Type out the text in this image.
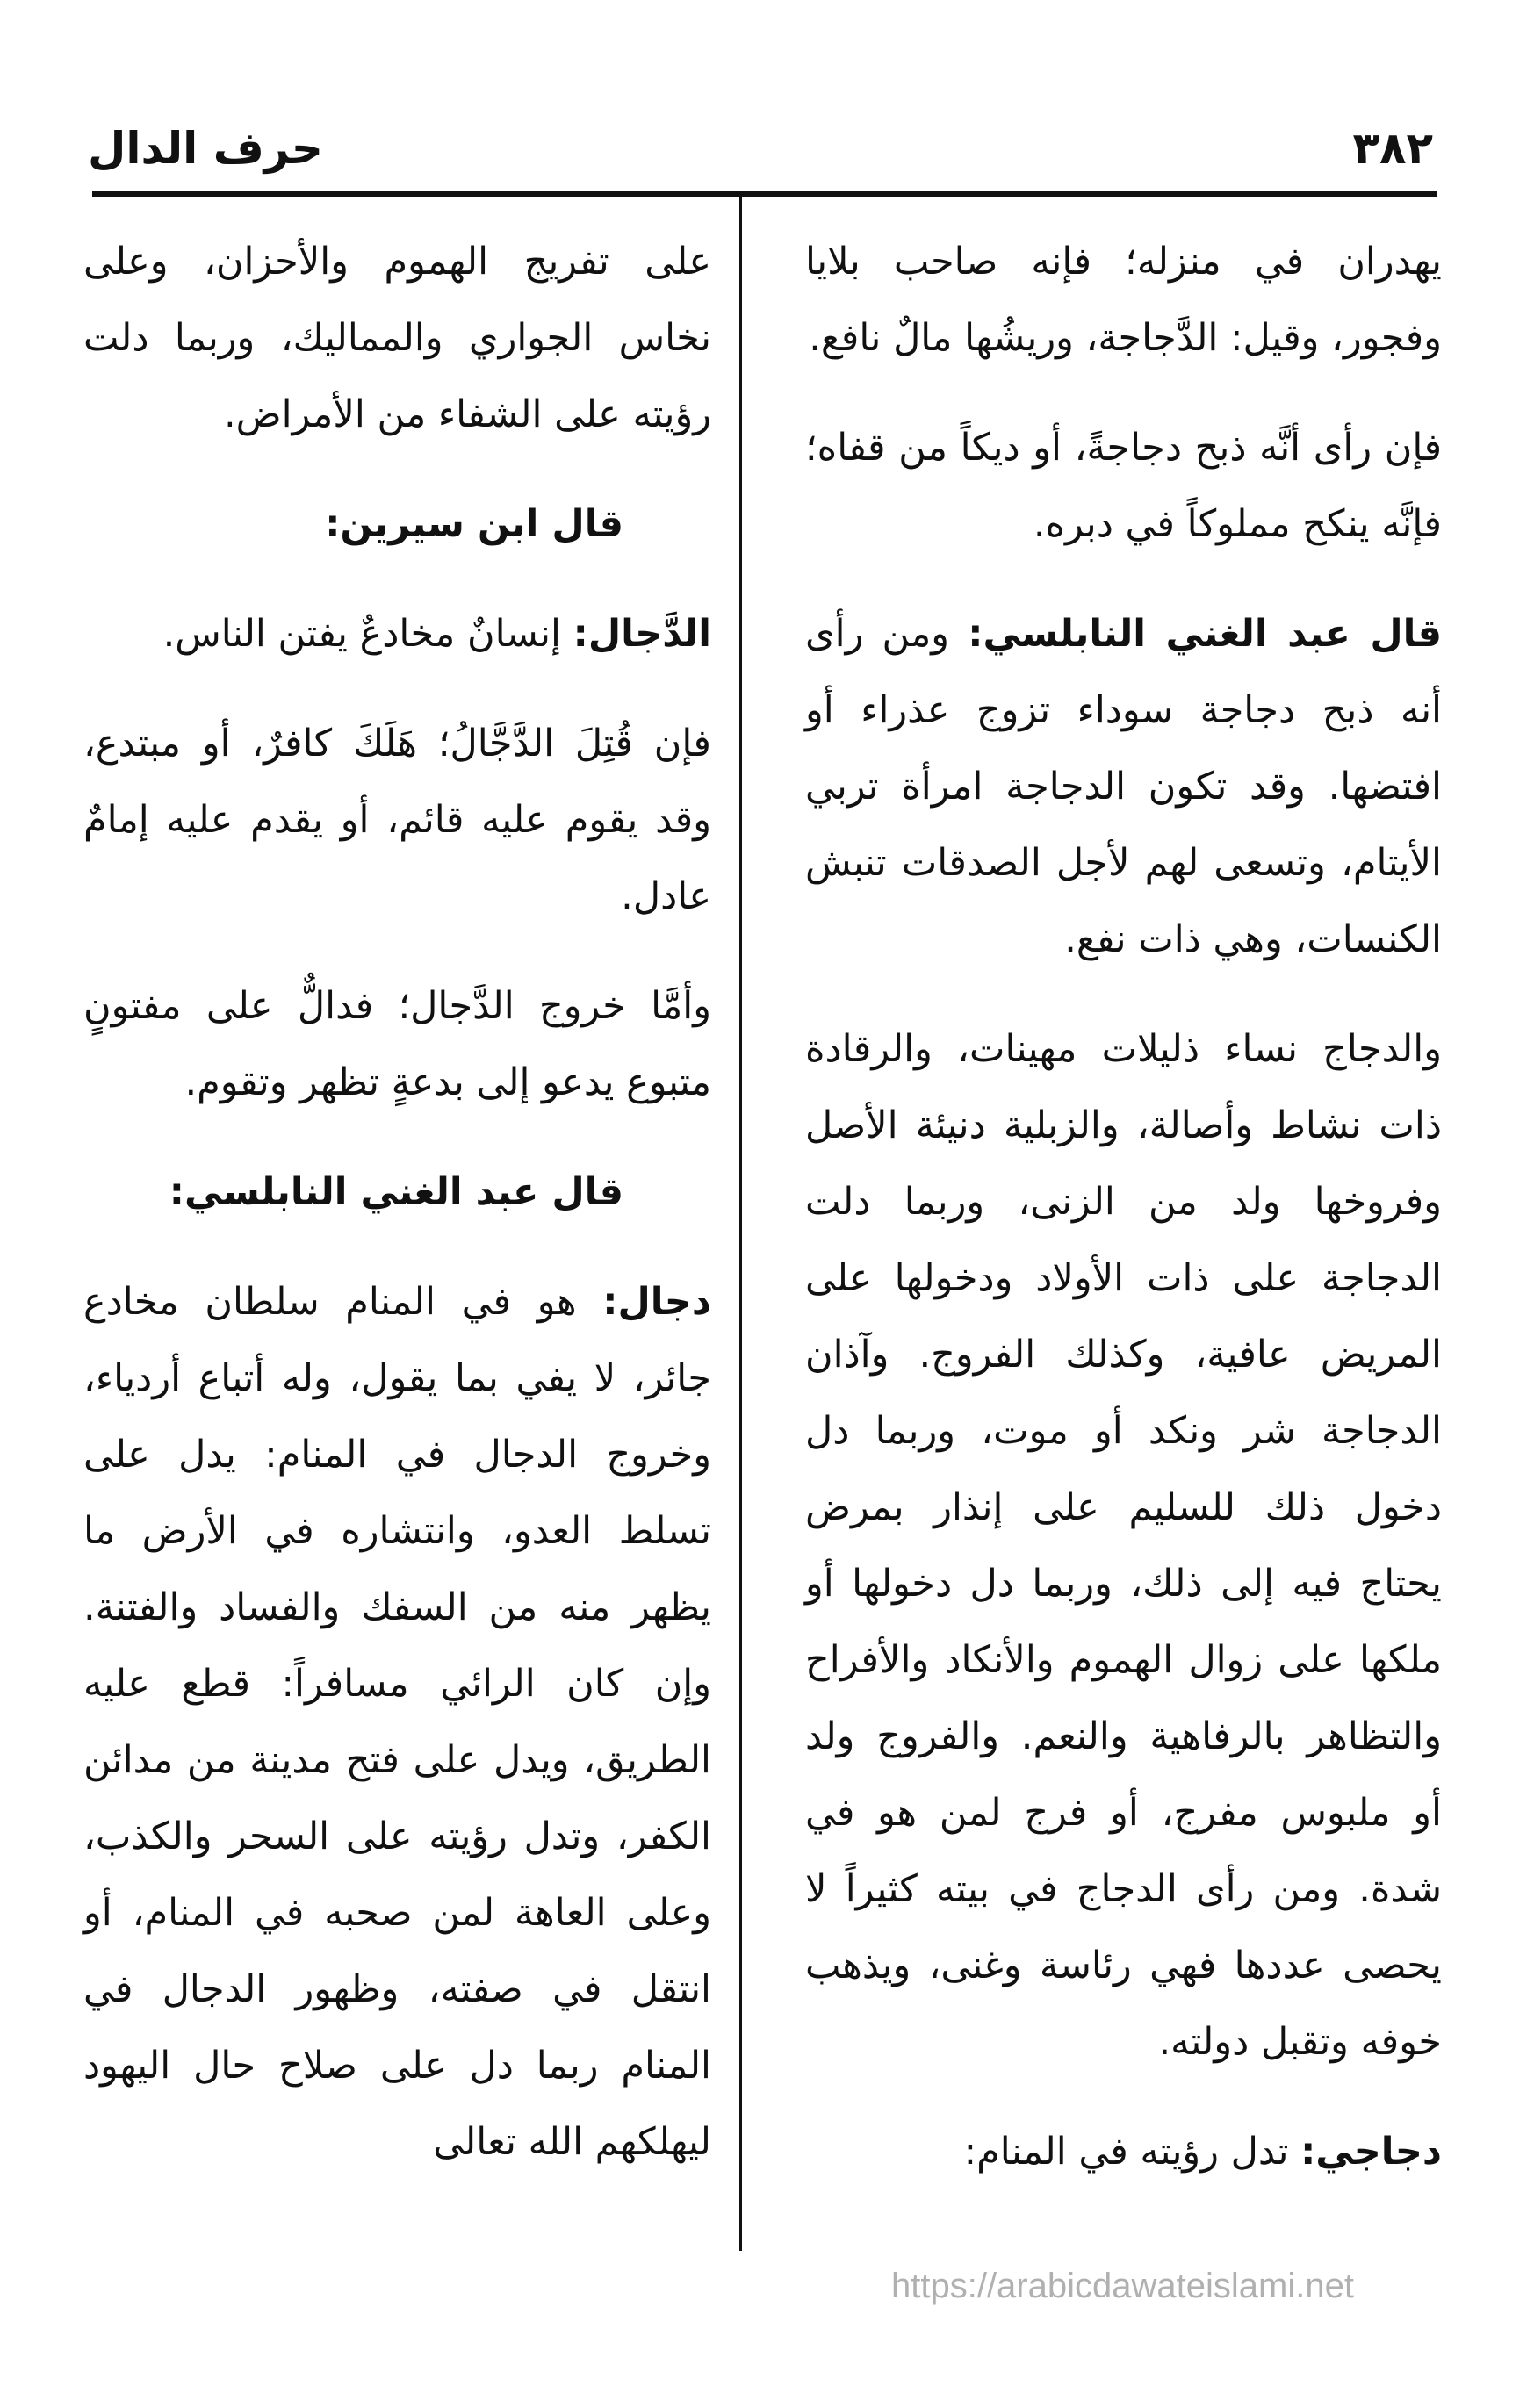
٣٨٢
حرف الدال

يهدران في منزله؛ فإنه صاحب بلايا وفجور، وقيل: الدَّجاجة، وريشُها مالٌ نافع.

فإن رأى أنَّه ذبح دجاجةً، أو ديكاً من قفاه؛ فإنَّه ينكح مملوكاً في دبره.

قال عبد الغني النابلسي: ومن رأى أنه ذبح دجاجة سوداء تزوج عذراء أو افتضها. وقد تكون الدجاجة امرأة تربي الأيتام، وتسعى لهم لأجل الصدقات تنبش الكنسات، وهي ذات نفع.

والدجاج نساء ذليلات مهينات، والرقادة ذات نشاط وأصالة، والزبلية دنيئة الأصل وفروخها ولد من الزنى، وربما دلت الدجاجة على ذات الأولاد ودخولها على المريض عافية، وكذلك الفروج. وآذان الدجاجة شر ونكد أو موت، وربما دل دخول ذلك للسليم على إنذار بمرض يحتاج فيه إلى ذلك، وربما دل دخولها أو ملكها على زوال الهموم والأنكاد والأفراح والتظاهر بالرفاهية والنعم. والفروج ولد أو ملبوس مفرج، أو فرج لمن هو في شدة. ومن رأى الدجاج في بيته كثيراً لا يحصى عددها فهي رئاسة وغنى، ويذهب خوفه وتقبل دولته.

دجاجي: تدل رؤيته في المنام:

على تفريج الهموم والأحزان، وعلى نخاس الجواري والمماليك، وربما دلت رؤيته على الشفاء من الأمراض.

قال ابن سيرين:

الدَّجال: إنسانٌ مخادعٌ يفتن الناس.

فإن قُتِلَ الدَّجَّالُ؛ هَلَكَ كافرٌ، أو مبتدع، وقد يقوم عليه قائم، أو يقدم عليه إمامٌ عادل.

وأمَّا خروج الدَّجال؛ فدالٌّ على مفتونٍ متبوع يدعو إلى بدعةٍ تظهر وتقوم.

قال عبد الغني النابلسي:

دجال: هو في المنام سلطان مخادع جائر، لا يفي بما يقول، وله أتباع أردياء، وخروج الدجال في المنام: يدل على تسلط العدو، وانتشاره في الأرض ما يظهر منه من السفك والفساد والفتنة. وإن كان الرائي مسافراً: قطع عليه الطريق، ويدل على فتح مدينة من مدائن الكفر، وتدل رؤيته على السحر والكذب، وعلى العاهة لمن صحبه في المنام، أو انتقل في صفته، وظهور الدجال في المنام ربما دل على صلاح حال اليهود ليهلكهم الله تعالى

https://arabicdawateislami.net
